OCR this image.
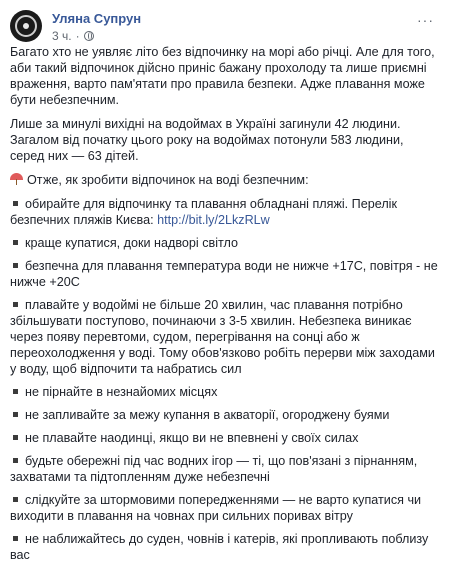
Уляна Супрун
3 ч. ·
···

Багато хто не уявляє літо без відпочинку на морі або річці. Але для того, аби такий відпочинок дійсно приніс бажану прохолоду та лише приємні враження, варто пам'ятати про правила безпеки. Адже плавання може бути небезпечним.

Лише за минулі вихідні на водоймах в Україні загинули 42 людини. Загалом від початку цього року на водоймах потонули 583 людини, серед них — 63 дітей.

Отже, як зробити відпочинок на воді безпечним:

обирайте для відпочинку та плавання обладнані пляжі. Перелік безпечних пляжів Києва: http://bit.ly/2LkzRLw

краще купатися, доки надворі світло

безпечна для плавання температура води не нижче +17С, повітря - не нижче +20С

плавайте у водоймі не більше 20 хвилин, час плавання потрібно збільшувати поступово, починаючи з 3-5 хвилин. Небезпека виникає через появу перевтоми, судом, перегрівання на сонці або ж переохолодження у воді. Тому обов'язково робіть перерви між заходами у воду, щоб відпочити та набратись сил

не пірнайте в незнайомих місцях

не запливайте за межу купання в акваторії, огороджену буями

не плавайте наодинці, якщо ви не впевнені у своїх силах

будьте обережні під час водних ігор — ті, що пов'язані з пірнанням, захватами та підтопленням дуже небезпечні

слідкуйте за штормовими попередженнями — не варто купатися чи виходити в плавання на човнах при сильних поривах вітру

не наближайтесь до суден, човнів і катерів, які пропливають поблизу вас
